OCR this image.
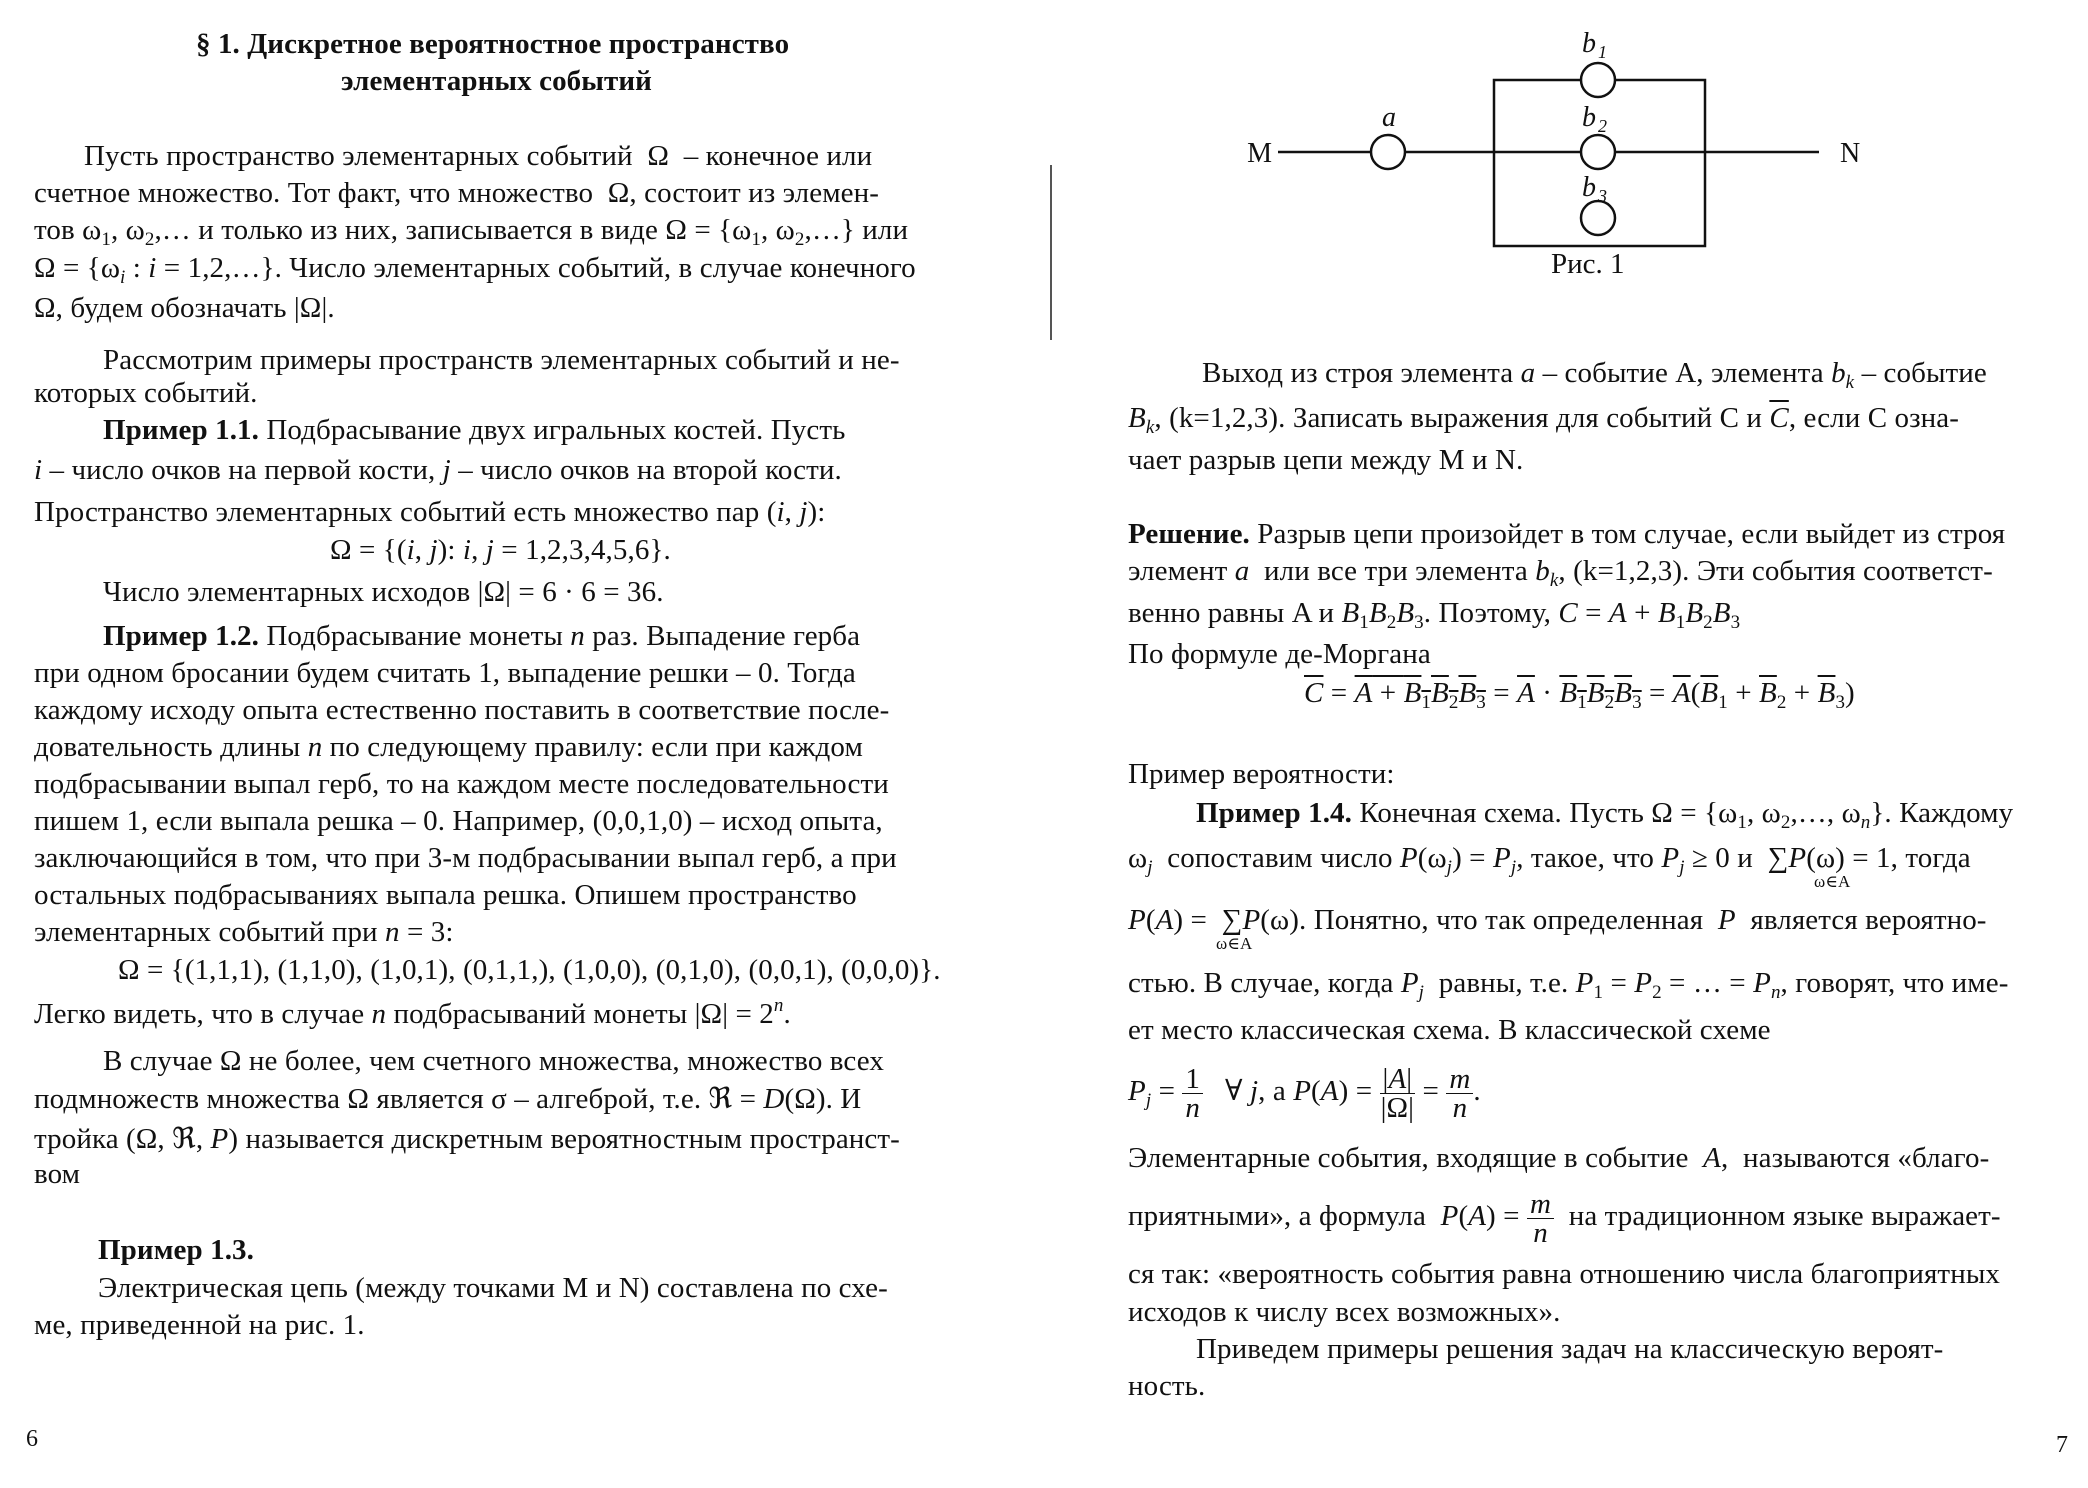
§ 1. Дискретное вероятностное пространство
элементарных событий
Пусть пространство элементарных событий  Ω  – конечное или
счетное множество. Тот факт, что множество  Ω, состоит из элемен-
тов $\omega_1$, $\omega_2,\dots$ и только из них, записывается в виде $\Omega = \{\omega_1$, $\omega_2,\dots$} или
$\Omega = \{\omega_i$ : i = 1,2,…}. Число элементарных событий, в случае конечного
Ω, будем обозначать |Ω|.
Рассмотрим примеры пространств элементарных событий и не-
которых событий.
Пример 1.1. Подбрасывание двух игральных костей. Пусть
i – число очков на первой кости, j – число очков на второй кости.
Пространство элементарных событий есть множество пар (i, j):
Ω = {(i, j): i, j = 1,2,3,4,5,6}.
Число элементарных исходов |Ω| = 6 · 6 = 36.
Пример 1.2. Подбрасывание монеты n раз. Выпадение герба
при одном бросании будем считать 1, выпадение решки – 0. Тогда
каждому исходу опыта естественно поставить в соответствие после-
довательность длины n по следующему правилу: если при каждом
подбрасывании выпал герб, то на каждом месте последовательности
пишем 1, если выпала решка – 0. Например, (0,0,1,0) – исход опыта,
заключающийся в том, что при 3-м подбрасывании выпал герб, а при
остальных подбрасываниях выпала решка. Опишем пространство
элементарных событий при n = 3:
Ω = {(1,1,1), (1,1,0), (1,0,1), (0,1,1,), (1,0,0), (0,1,0), (0,0,1), (0,0,0)}.
Легко видеть, что в случае n подбрасываний монеты $|\Omega| = 2^n$.
В случае Ω не более, чем счетного множества, множество всех
подмножеств множества Ω является σ – алгеброй, т.е. ℜ = D(Ω). И
тройка (Ω, ℜ, P) называется дискретным вероятностным пространст-
вом
Пример 1.3.
Электрическая цепь (между точками M и N) составлена по схе-
ме, приведенной на рис. 1.
6
M	N
a
b 1
b 2
b 3
Рис. 1
Выход из строя элемента a – событие A, элемента $b_k$ – событие
$B_k$, (k=1,2,3). Записать выражения для событий C и $\overline{C}$, если C озна-
чает разрыв цепи между M и N.
Решение. Разрыв цепи произойдет в том случае, если выйдет из строя
элемент a  или все три элемента $b_k$, (k=1,2,3). Эти события соответст-
венно равны A и $B_1B_2B_3$. Поэтому, $C = A + B_1B_2B_3$
По формуле де-Моргана
$\overline{C} = A + B_1B_2B_3 = \overline{A} \cdot B_1B_2B_3 = \overline{A}(\overline{B}_1 + \overline{B}_2 + \overline{B}_3)$
Пример вероятности:
Пример 1.4. Конечная схема. Пусть $\Omega = \{\omega_1$, $\omega_2,\dots$, $\omega_n$}. Каждому
$\omega_j$  сопоставим число $P(\omega_j) = P_j$, такое, что $P_j \ge 0$ и  ∑P(ω) = 1, тогда
ω∈A
P(A) =  ∑P(ω). Понятно, что так определенная  P  является вероятно-
ω∈A
стью. В случае, когда $P_j$  равны, т.е. $P_1 = P_2$ = … = $P_n$, говорят, что име-
ет место классическая схема. В классической схеме
$P_j = \frac{1}{n}$ ∀ j, а $P(A) = \frac{|A|}{|\Omega|} = \frac{m}{n}$ .
Элементарные события, входящие в событие  A,  называются «благо-
приятными», а формула  $P(A) = \frac{m}{n}$ на традиционном языке выражает-
ся так: «вероятность события равна отношению числа благоприятных
исходов к числу всех возможных».
Приведем примеры решения задач на классическую вероят-
ность.
7
